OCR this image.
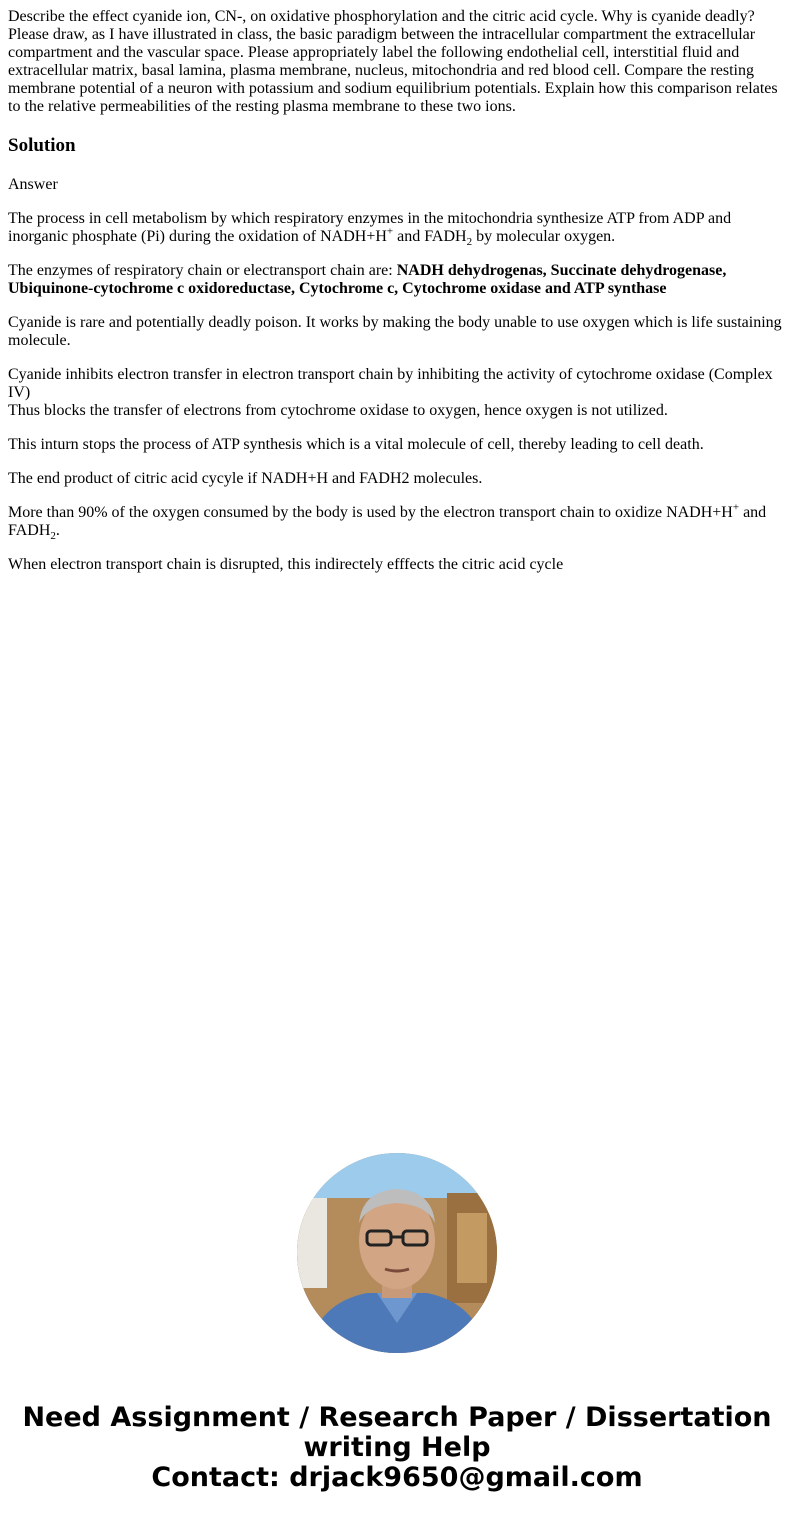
Describe the effect cyanide ion, CN-, on oxidative phosphorylation and the citric acid cycle. Why is cyanide deadly? Please draw, as I have illustrated in class, the basic paradigm between the intracellular compartment the extracellular compartment and the vascular space. Please appropriately label the following endothelial cell, interstitial fluid and extracellular matrix, basal lamina, plasma membrane, nucleus, mitochondria and red blood cell. Compare the resting membrane potential of a neuron with potassium and sodium equilibrium potentials. Explain how this comparison relates to the relative permeabilities of the resting plasma membrane to these two ions.

Solution

Answer

The process in cell metabolism by which respiratory enzymes in the mitochondria synthesize ATP from ADP and inorganic phosphate (Pi) during the oxidation of NADH+H+ and $FADH_2$ by molecular oxygen.

The enzymes of respiratory chain or electransport chain are: NADH dehydrogenas, Succinate dehydrogenase, Ubiquinone-cytochrome c oxidoreductase, Cytochrome c, Cytochrome oxidase and ATP synthase

Cyanide is rare and potentially deadly poison. It works by making the body unable to use oxygen which is life sustaining molecule.

Cyanide inhibits electron transfer in electron transport chain by inhibiting the activity of cytochrome oxidase (Complex IV)
Thus blocks the transfer of electrons from cytochrome oxidase to oxygen, hence oxygen is not utilized.

This inturn stops the process of ATP synthesis which is a vital molecule of cell, thereby leading to cell death.

The end product of citric acid cycyle if NADH+H and FADH2 molecules.

More than 90% of the oxygen consumed by the body is used by the electron transport chain to oxidize NADH+H+ and $FADH_2$.

When electron transport chain is disrupted, this indirectely efffects the citric acid cycle

Need Assignment / Research Paper / Dissertation writing Help
Contact: drjack9650@gmail.com
